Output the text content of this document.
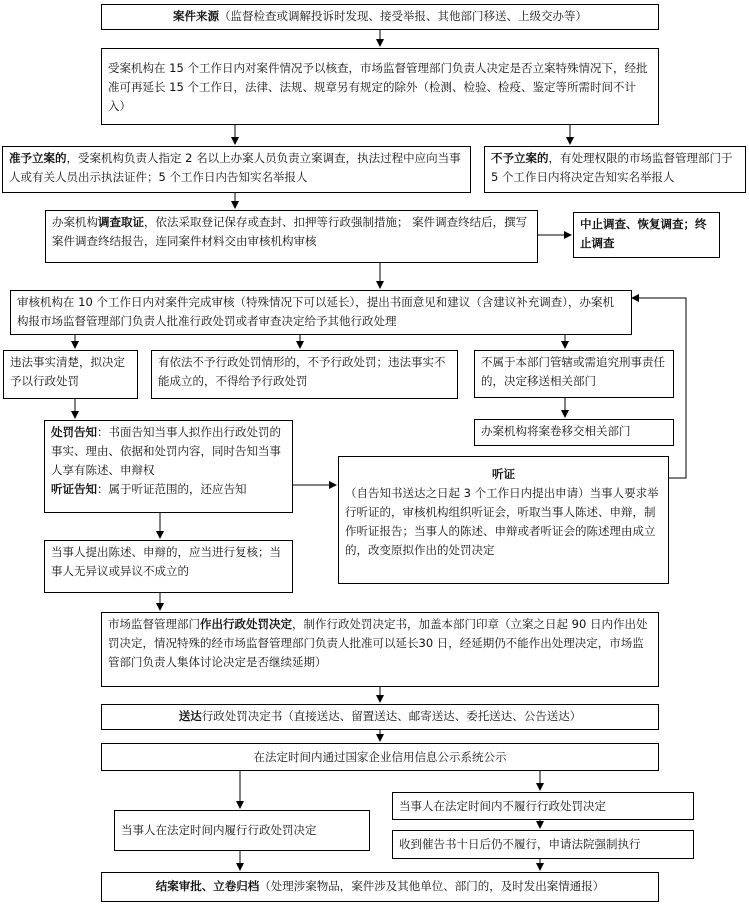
案件来源（监督检查或调解投诉时发现、接受举报、其他部门移送、上级交办等）
受案机构在 15 个工作日内对案件情况予以核查，市场监督管理部门负责人决定是否立案特殊情况下，经批准可再延长 15 个工作日，法律、法规、规章另有规定的除外（检测、检验、检疫、鉴定等所需时间不计入）
准予立案的，受案机构负责人指定 2 名以上办案人员负责立案调查，执法过程中应向当事人或有关人员出示执法证件；5 个工作日内告知实名举报人
不予立案的，有处理权限的市场监督管理部门于 5 个工作日内将决定告知实名举报人
办案机构调查取证，依法采取登记保存或查封、扣押等行政强制措施； 案件调查终结后，撰写案件调查终结报告，连同案件材料交由审核机构审核
中止调查、恢复调查；终止调查
审核机构在 10 个工作日内对案件完成审核（特殊情况下可以延长），提出书面意见和建议（含建议补充调查），办案机构报市场监督管理部门负责人批准行政处罚或者审查决定给予其他行政处理
违法事实清楚，拟决定予以行政处罚
有依法不予行政处罚情形的，不予行政处罚；违法事实不能成立的，不得给予行政处罚
不属于本部门管辖或需追究刑事责任的，决定移送相关部门
办案机构将案卷移交相关部门
处罚告知：书面告知当事人拟作出行政处罚的事实、理由、依据和处罚内容，同时告知当事人享有陈述、申辩权
听证告知：属于听证范围的，还应告知
听证
（自告知书送达之日起 3 个工作日内提出申请）当事人要求举行听证的，审核机构组织听证会，听取当事人陈述、申辩，制作听证报告；当事人的陈述、申辩或者听证会的陈述理由成立的，改变原拟作出的处罚决定
当事人提出陈述、申辩的，应当进行复核；当事人无异议或异议不成立的
市场监督管理部门作出行政处罚决定，制作行政处罚决定书，加盖本部门印章（立案之日起 90 日内作出处罚决定，情况特殊的经市场监督管理部门负责人批准可以延长30 日，经延期仍不能作出处理决定，市场监管部门负责人集体讨论决定是否继续延期）
送达行政处罚决定书（直接送达、留置送达、邮寄送达、委托送达、公告送达）
在法定时间内通过国家企业信用信息公示系统公示
当事人在法定时间内不履行行政处罚决定
当事人在法定时间内履行行政处罚决定
收到催告书十日后仍不履行，申请法院强制执行
结案审批、立卷归档（处理涉案物品，案件涉及其他单位、部门的，及时发出案情通报）
